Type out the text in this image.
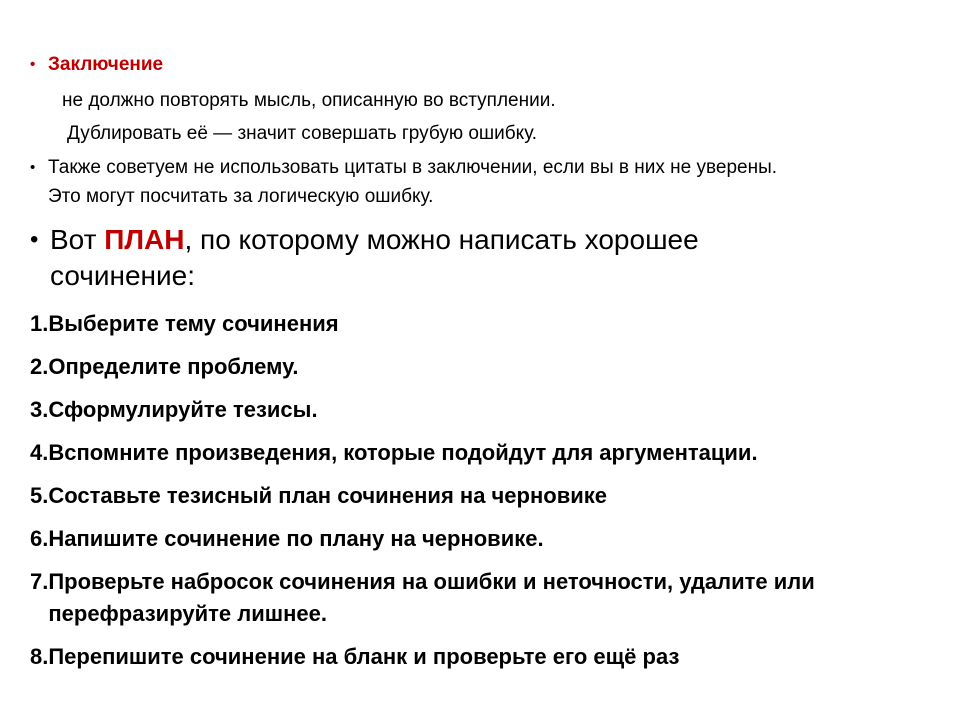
• Заключение
не должно повторять мысль, описанную во вступлении.
Дублировать её — значит совершать грубую ошибку.
• Также советуем не использовать цитаты в заключении, если вы в них не уверены.
Это могут посчитать за логическую ошибку.
• Вот ПЛАН, по которому можно написать хорошее
сочинение:
1. Выберите тему сочинения
2. Определите проблему.
3. Сформулируйте тезисы.
4. Вспомните произведения, которые подойдут для аргументации.
5. Составьте тезисный план сочинения на черновике
6. Напишите сочинение по плану на черновике.
7. Проверьте набросок сочинения на ошибки и неточности, удалите или перефразируйте лишнее.
8. Перепишите сочинение на бланк и проверьте его ещё раз
